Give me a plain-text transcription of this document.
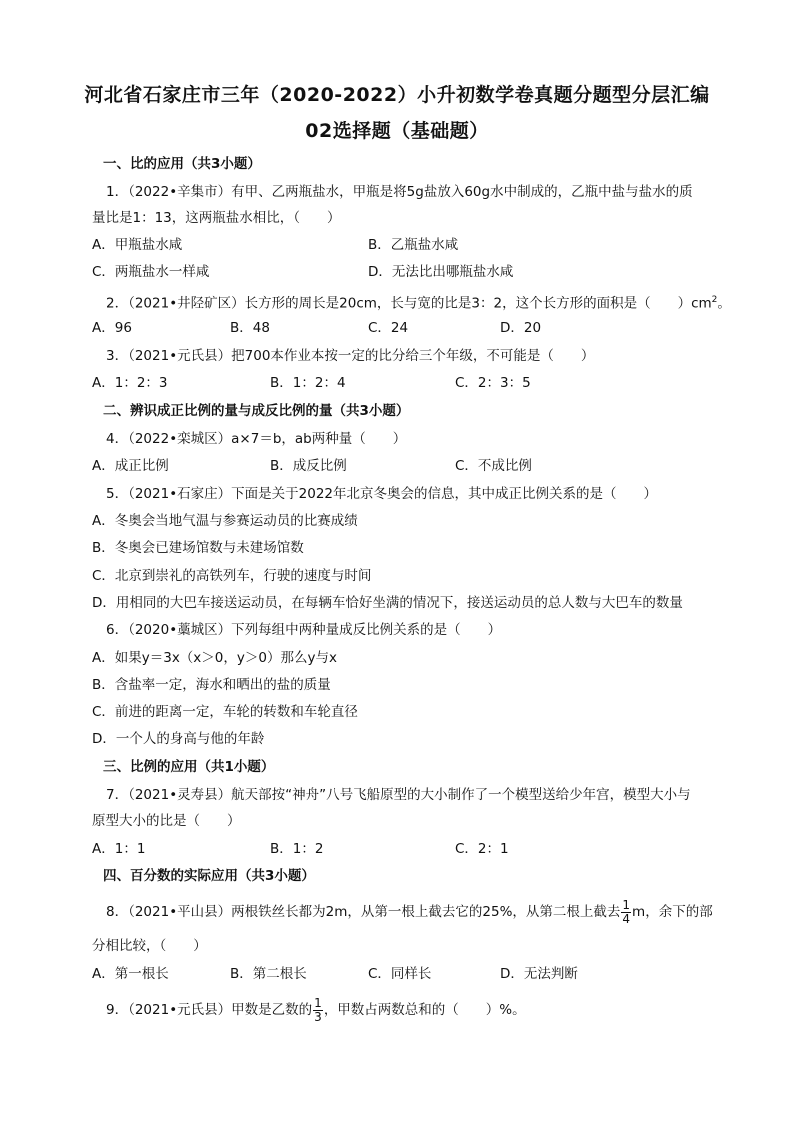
河北省石家庄市三年（2020-2022）小升初数学卷真题分题型分层汇编
02选择题（基础题）
一、比的应用（共3小题）
1．（2022•辛集市）有甲、乙两瓶盐水，甲瓶是将5g盐放入60g水中制成的，乙瓶中盐与盐水的质
量比是1：13，这两瓶盐水相比，（　　）
A．甲瓶盐水咸	B．乙瓶盐水咸
C．两瓶盐水一样咸	D．无法比出哪瓶盐水咸
2．（2021•井陉矿区）长方形的周长是20cm，长与宽的比是3：2，这个长方形的面积是（　　）$cm^2$。
A．96	B．48	C．24	D．20
3．（2021•元氏县）把700本作业本按一定的比分给三个年级，不可能是（　　）
A．1：2：3	B．1：2：4	C．2：3：5
二、辨识成正比例的量与成反比例的量（共3小题）
4．（2022•栾城区）a×7＝b，ab两种量（　　）
A．成正比例	B．成反比例	C．不成比例
5．（2021•石家庄）下面是关于2022年北京冬奥会的信息，其中成正比例关系的是（　　）
A．冬奥会当地气温与参赛运动员的比赛成绩
B．冬奥会已建场馆数与未建场馆数
C．北京到崇礼的高铁列车，行驶的速度与时间
D．用相同的大巴车接送运动员，在每辆车恰好坐满的情况下，接送运动员的总人数与大巴车的数量
6．（2020•藁城区）下列每组中两种量成反比例关系的是（　　）
A．如果y＝3x（x＞0，y＞0）那么y与x
B．含盐率一定，海水和晒出的盐的质量
C．前进的距离一定，车轮的转数和车轮直径
D．一个人的身高与他的年龄
三、比例的应用（共1小题）
7．（2021•灵寿县）航天部按“神舟”八号飞船原型的大小制作了一个模型送给少年宫，模型大小与
原型大小的比是（　　）
A．1：1	B．1：2	C．2：1
四、百分数的实际应用（共3小题）
8．（2021•平山县）两根铁丝长都为2m，从第一根上截去它的25%，从第二根上截去 $\frac{1}{4}$ m，余下的部
分相比较，（　　）
A．第一根长	B．第二根长	C．同样长	D．无法判断
9．（2021•元氏县）甲数是乙数的 $\frac{1}{3}$ ，甲数占两数总和的（　　）%。
